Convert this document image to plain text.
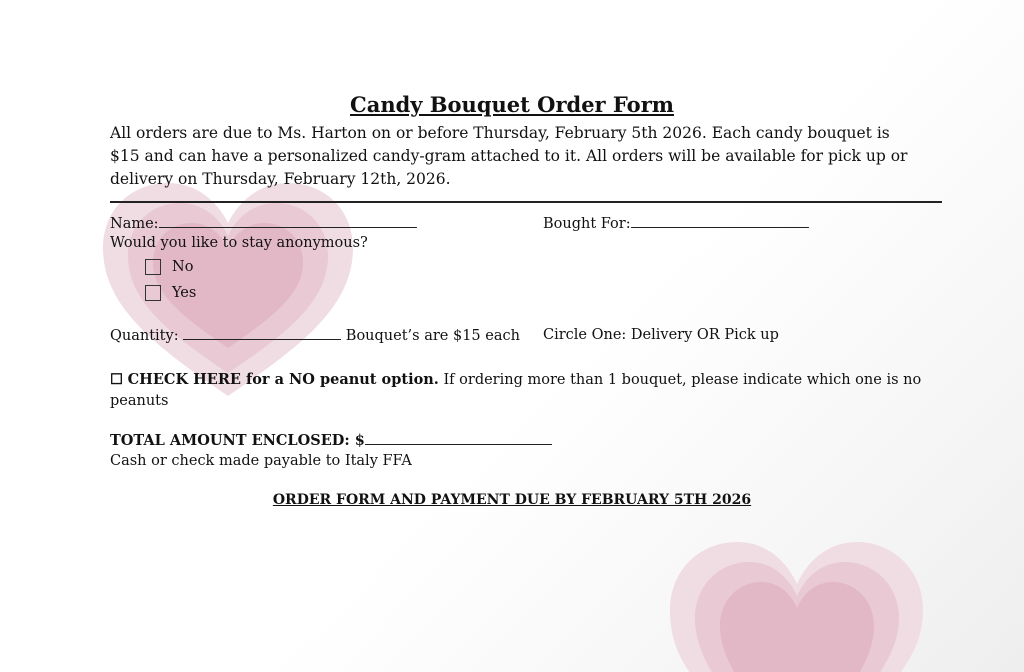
Candy Bouquet Order Form
All orders are due to Ms. Harton on or before Thursday, February 5th 2026. Each candy bouquet is $15 and can have a personalized candy-gram attached to it. All orders will be available for pick up or delivery on Thursday, February 12th, 2026.
Name:	Bought For:
Would you like to stay anonymous?
No
Yes
Quantity:	Bouquet’s are $15 each Circle One: Delivery OR Pick up
☐ CHECK HERE for a NO peanut option. If ordering more than 1 bouquet, please indicate which one is no
peanuts
TOTAL AMOUNT ENCLOSED: $
Cash or check made payable to Italy FFA
ORDER FORM AND PAYMENT DUE BY FEBRUARY 5TH 2026
